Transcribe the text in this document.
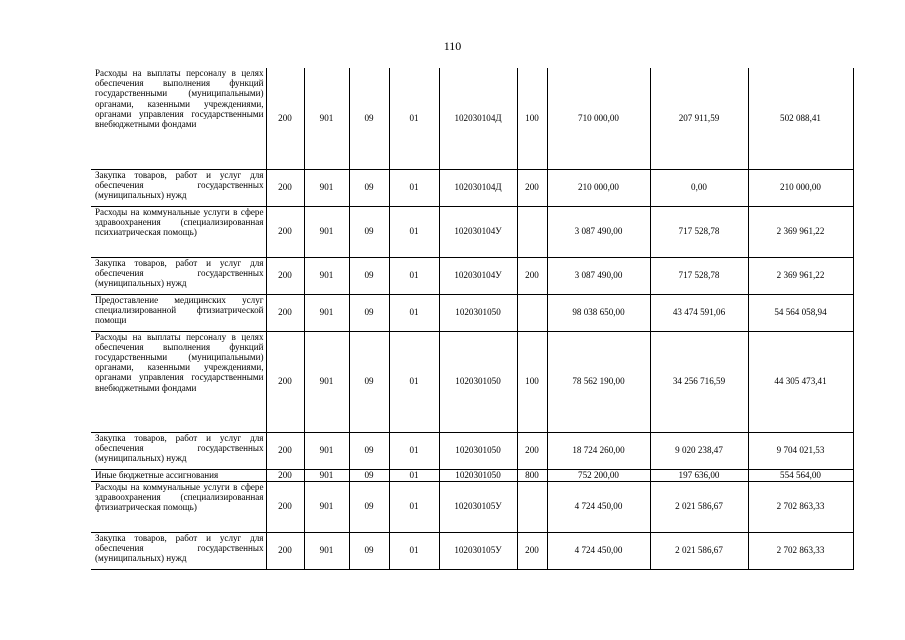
110
Расходы на выплаты персоналу в целях обеспечения выполнения функций государственными (муниципальными) органами, казенными учреждениями, органами управления государственными внебюджетными фондами	200	901	09	01	102030104Д	100	710 000,00	207 911,59	502 088,41
Закупка товаров, работ и услуг для обеспечения государственных (муниципальных) нужд	200	901	09	01	102030104Д	200	210 000,00	0,00	210 000,00
Расходы на коммунальные услуги в сфере здравоохранения (специализированная психиатрическая помощь)	200	901	09	01	102030104У		3 087 490,00	717 528,78	2 369 961,22
Закупка товаров, работ и услуг для обеспечения государственных (муниципальных) нужд	200	901	09	01	102030104У	200	3 087 490,00	717 528,78	2 369 961,22
Предоставление медицинских услуг специализированной фтизиатрической помощи	200	901	09	01	1020301050		98 038 650,00	43 474 591,06	54 564 058,94
Расходы на выплаты персоналу в целях обеспечения выполнения функций государственными (муниципальными) органами, казенными учреждениями, органами управления государственными внебюджетными фондами	200	901	09	01	1020301050	100	78 562 190,00	34 256 716,59	44 305 473,41
Закупка товаров, работ и услуг для обеспечения государственных (муниципальных) нужд	200	901	09	01	1020301050	200	18 724 260,00	9 020 238,47	9 704 021,53
Иные бюджетные ассигнования	200	901	09	01	1020301050	800	752 200,00	197 636,00	554 564,00
Расходы на коммунальные услуги в сфере здравоохранения (специализированная фтизиатрическая помощь)	200	901	09	01	102030105У		4 724 450,00	2 021 586,67	2 702 863,33
Закупка товаров, работ и услуг для обеспечения государственных (муниципальных) нужд	200	901	09	01	102030105У	200	4 724 450,00	2 021 586,67	2 702 863,33
